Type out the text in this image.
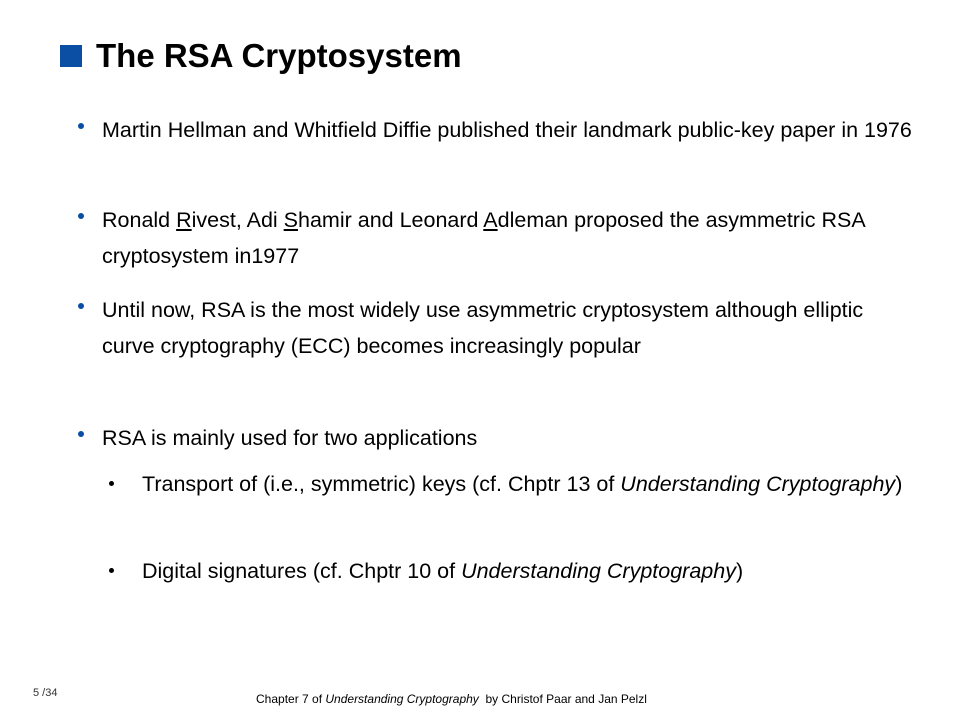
The RSA Cryptosystem
Martin Hellman and Whitfield Diffie published their landmark public-key paper in 1976
Ronald Rivest, Adi Shamir and Leonard Adleman proposed the asymmetric RSA cryptosystem in1977
Until now, RSA is the most widely use asymmetric cryptosystem although elliptic curve cryptography (ECC) becomes increasingly popular
RSA is mainly used for two applications
Transport of (i.e., symmetric) keys (cf. Chptr 13 of Understanding Cryptography)
Digital signatures (cf. Chptr 10 of Understanding Cryptography)
5 /34	Chapter 7 of Understanding Cryptography  by Christof Paar and Jan Pelzl
